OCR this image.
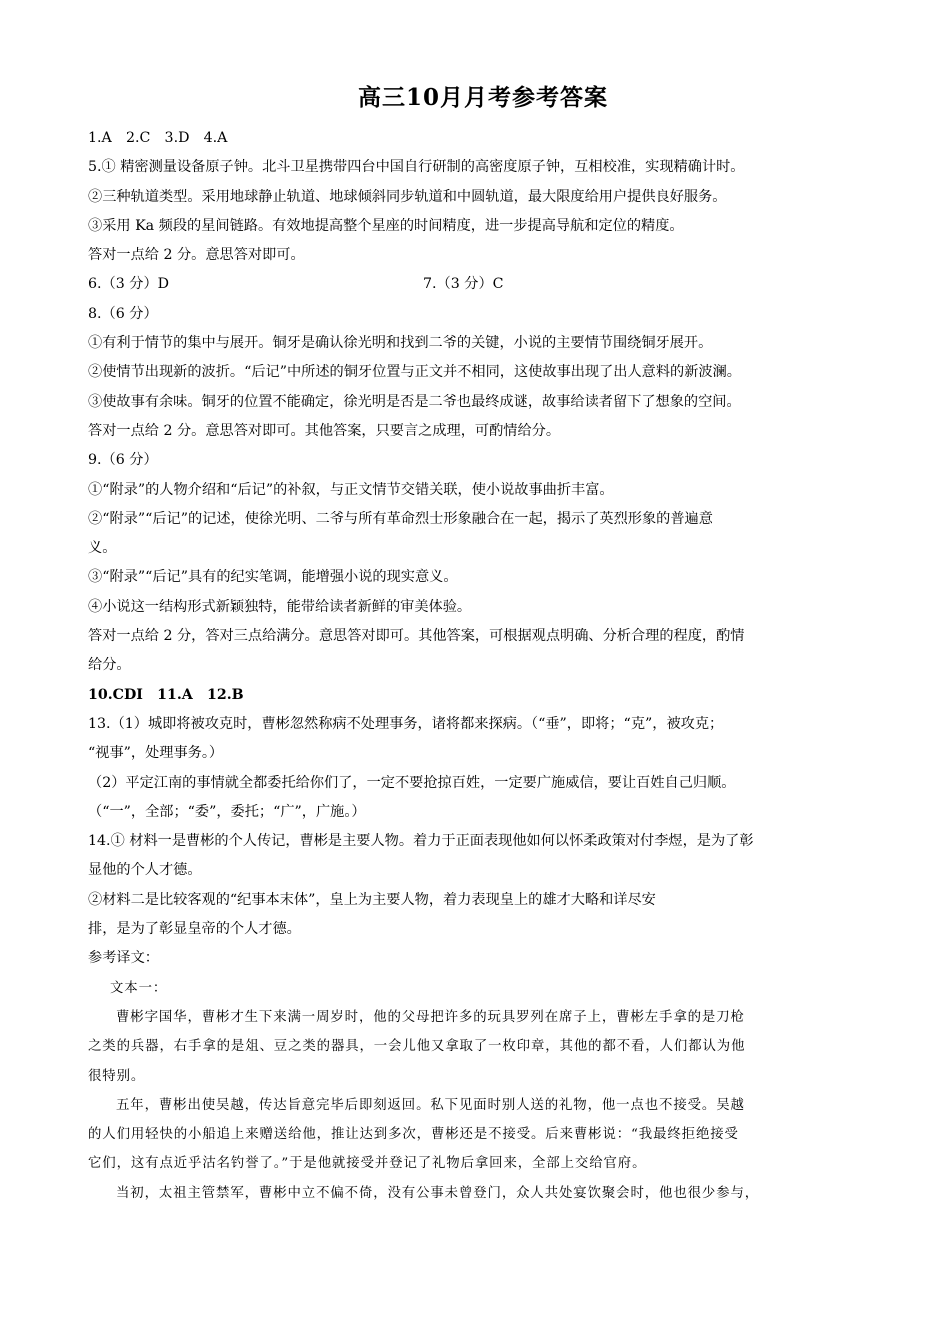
高三10月月考参考答案
1.A　2.C　3.D　4.A
5.① 精密测量设备原子钟。北斗卫星携带四台中国自行研制的高密度原子钟，互相校准，实现精确计时。
②三种轨道类型。采用地球静止轨道、地球倾斜同步轨道和中圆轨道，最大限度给用户提供良好服务。
③采用 Ka 频段的星间链路。有效地提高整个星座的时间精度，进一步提高导航和定位的精度。
答对一点给 2 分。意思答对即可。
6.（3 分）D	7.（3 分）C
8.（6 分）
①有利于情节的集中与展开。铜牙是确认徐光明和找到二爷的关键，小说的主要情节围绕铜牙展开。
②使情节出现新的波折。“后记”中所述的铜牙位置与正文并不相同，这使故事出现了出人意料的新波澜。
③使故事有余味。铜牙的位置不能确定，徐光明是否是二爷也最终成谜，故事给读者留下了想象的空间。
答对一点给 2 分。意思答对即可。其他答案，只要言之成理，可酌情给分。
9.（6 分）
①“附录”的人物介绍和“后记”的补叙，与正文情节交错关联，使小说故事曲折丰富。
②“附录”“后记”的记述，使徐光明、二爷与所有革命烈士形象融合在一起，揭示了英烈形象的普遍意
义。
③“附录”“后记”具有的纪实笔调，能增强小说的现实意义。
④小说这一结构形式新颖独特，能带给读者新鲜的审美体验。
答对一点给 2 分，答对三点给满分。意思答对即可。其他答案，可根据观点明确、分析合理的程度，酌情
给分。
10.CDI　11.A　12.B
13.（1）城即将被攻克时，曹彬忽然称病不处理事务，诸将都来探病。（“垂”，即将；“克”，被攻克；
“视事”，处理事务。）
（2）平定江南的事情就全都委托给你们了，一定不要抢掠百姓，一定要广施威信，要让百姓自己归顺。
（“一”，全部；“委”，委托；“广”，广施。）
14.① 材料一是曹彬的个人传记，曹彬是主要人物。着力于正面表现他如何以怀柔政策对付李煜，是为了彰
显他的个人才德。
②材料二是比较客观的“纪事本末体”，皇上为主要人物，着力表现皇上的雄才大略和详尽安
排，是为了彰显皇帝的个人才德。
参考译文：
文本一：
曹彬字国华，曹彬才生下来满一周岁时，他的父母把许多的玩具罗列在席子上，曹彬左手拿的是刀枪
之类的兵器，右手拿的是俎、豆之类的器具，一会儿他又拿取了一枚印章，其他的都不看，人们都认为他
很特别。
五年，曹彬出使吴越，传达旨意完毕后即刻返回。私下见面时别人送的礼物，他一点也不接受。吴越
的人们用轻快的小船追上来赠送给他，推让达到多次，曹彬还是不接受。后来曹彬说：“我最终拒绝接受
它们，这有点近乎沽名钓誉了。”于是他就接受并登记了礼物后拿回来，全部上交给官府。
当初，太祖主管禁军，曹彬中立不偏不倚，没有公事未曾登门，众人共处宴饮聚会时，他也很少参与，
